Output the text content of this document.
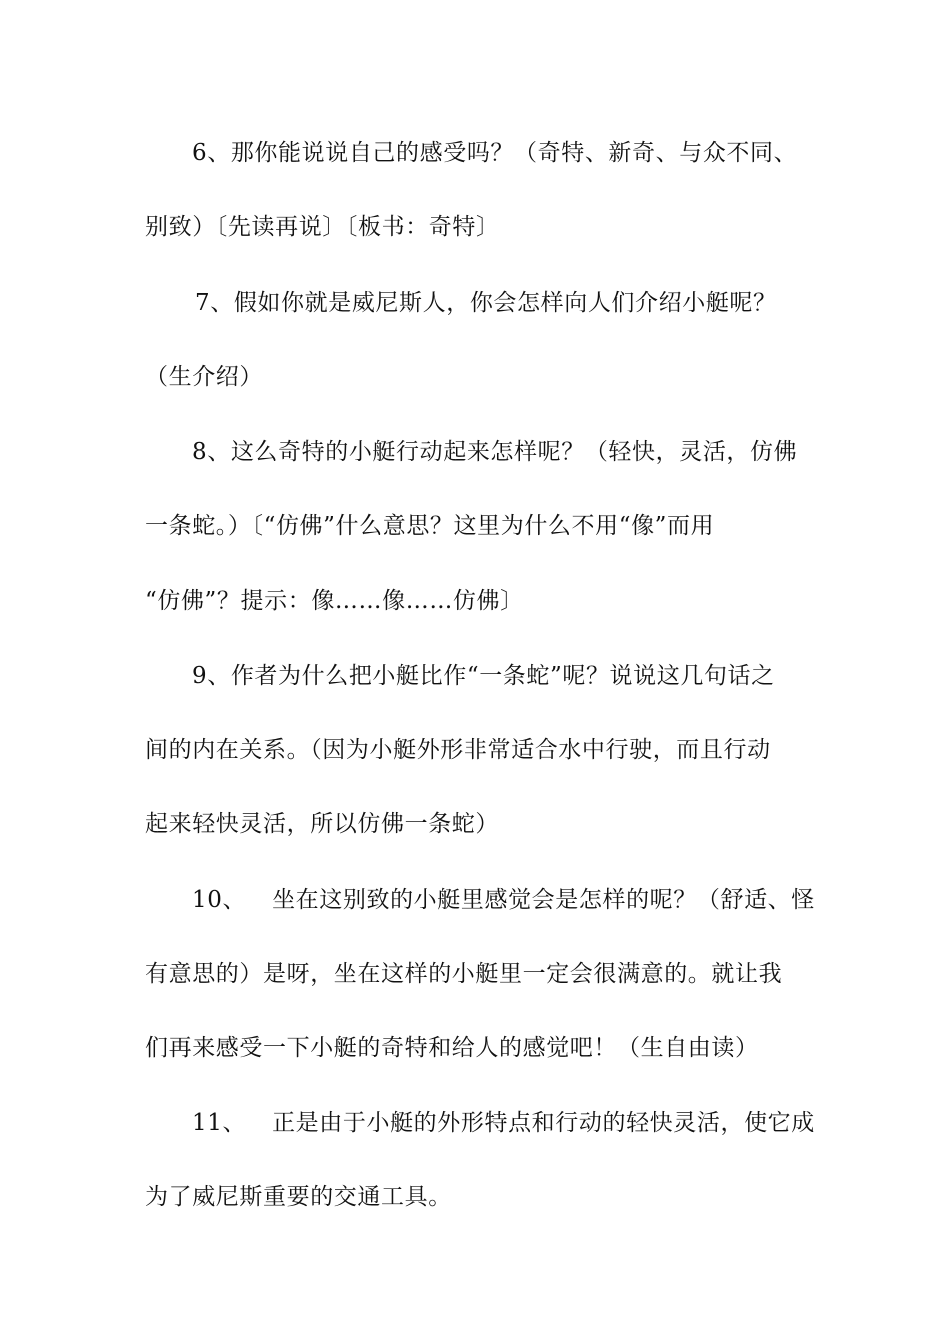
6、那你能说说自己的感受吗？（奇特、新奇、与众不同、
别致）〔先读再说〕〔板书：奇特〕
7、假如你就是威尼斯人，你会怎样向人们介绍小艇呢？
（生介绍）
8、这么奇特的小艇行动起来怎样呢？（轻快，灵活，仿佛
一条蛇。）〔“仿佛”什么意思？这里为什么不用“像”而用
“仿佛”？提示：像……像……仿佛〕
9、作者为什么把小艇比作“一条蛇”呢？说说这几句话之
间的内在关系。（因为小艇外形非常适合水中行驶，而且行动
起来轻快灵活，所以仿佛一条蛇）
10、 坐在这别致的小艇里感觉会是怎样的呢？（舒适、怪
有意思的）是呀，坐在这样的小艇里一定会很满意的。就让我
们再来感受一下小艇的奇特和给人的感觉吧！（生自由读）
11、 正是由于小艇的外形特点和行动的轻快灵活，使它成
为了威尼斯重要的交通工具。
